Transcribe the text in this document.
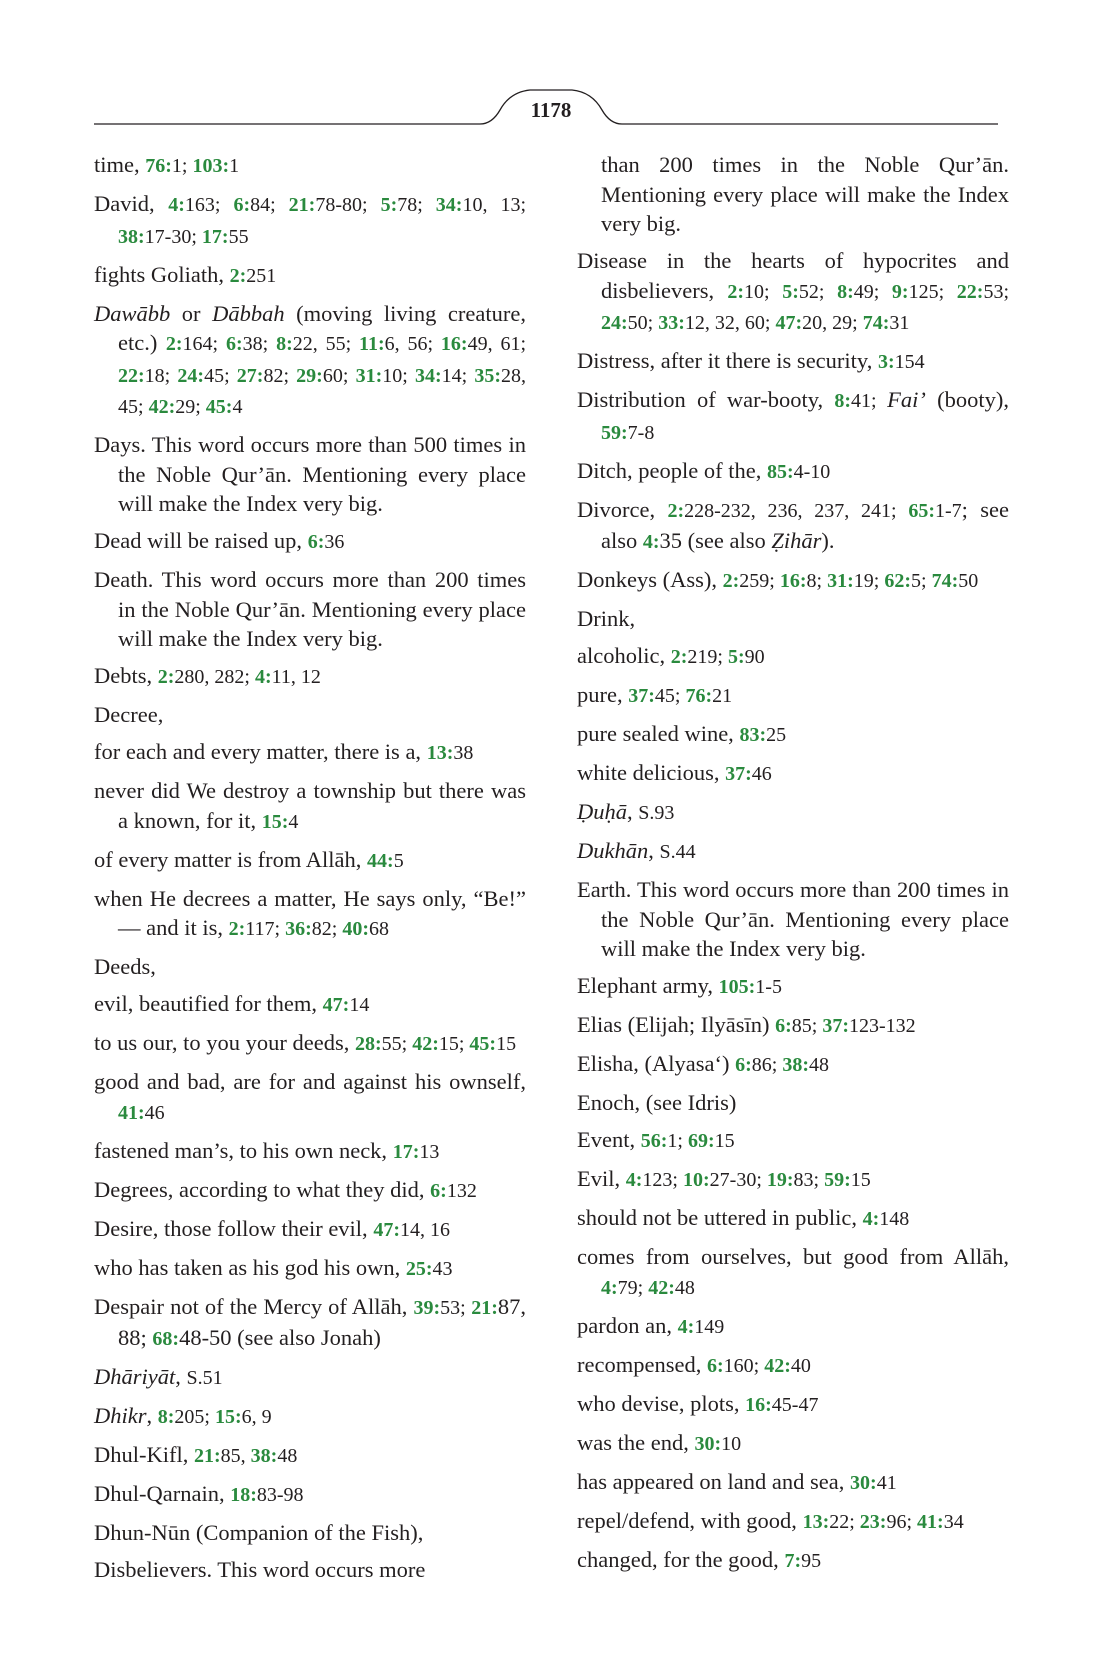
1178

time, 76:1; 103:1

David, 4:163; 6:84; 21:78-80; 5:78; 34:10, 13; 38:17-30; 17:55

fights Goliath, 2:251

Dawābb or Dābbah (moving living creature, etc.) 2:164; 6:38; 8:22, 55; 11:6, 56; 16:49, 61; 22:18; 24:45; 27:82; 29:60; 31:10; 34:14; 35:28, 45; 42:29; 45:4

Days. This word occurs more than 500 times in the Noble Qur’ān. Mentioning every place will make the Index very big.

Dead will be raised up, 6:36

Death. This word occurs more than 200 times in the Noble Qur’ān. Mentioning every place will make the Index very big.

Debts, 2:280, 282; 4:11, 12

Decree,

for each and every matter, there is a, 13:38

never did We destroy a township but there was a known, for it, 15:4

of every matter is from Allāh, 44:5

when He decrees a matter, He says only, “Be!” — and it is, 2:117; 36:82; 40:68

Deeds,

evil, beautified for them, 47:14

to us our, to you your deeds, 28:55; 42:15; 45:15

good and bad, are for and against his ownself, 41:46

fastened man’s, to his own neck, 17:13

Degrees, according to what they did, 6:132

Desire, those follow their evil, 47:14, 16

who has taken as his god his own, 25:43

Despair not of the Mercy of Allāh, 39:53; 21:87, 88; 68:48-50 (see also Jonah)

Dhāriyāt, S.51

Dhikr, 8:205; 15:6, 9

Dhul-Kifl, 21:85, 38:48

Dhul-Qarnain, 18:83-98

Dhun-Nūn (Companion of the Fish),

Disbelievers. This word occurs more

than 200 times in the Noble Qur’ān. Mentioning every place will make the Index very big.

Disease in the hearts of hypocrites and disbelievers, 2:10; 5:52; 8:49; 9:125; 22:53; 24:50; 33:12, 32, 60; 47:20, 29; 74:31

Distress, after it there is security, 3:154

Distribution of war-booty, 8:41; Fai’ (booty), 59:7-8

Ditch, people of the, 85:4-10

Divorce, 2:228-232, 236, 237, 241; 65:1-7; see also 4:35 (see also Ẓihār).

Donkeys (Ass), 2:259; 16:8; 31:19; 62:5; 74:50

Drink,

alcoholic, 2:219; 5:90

pure, 37:45; 76:21

pure sealed wine, 83:25

white delicious, 37:46

Ḍuḥā, S.93

Dukhān, S.44

Earth. This word occurs more than 200 times in the Noble Qur’ān. Mentioning every place will make the Index very big.

Elephant army, 105:1-5

Elias (Elijah; Ilyāsīn) 6:85; 37:123-132

Elisha, (Alyasa‘) 6:86; 38:48

Enoch, (see Idris)

Event, 56:1; 69:15

Evil, 4:123; 10:27-30; 19:83; 59:15

should not be uttered in public, 4:148

comes from ourselves, but good from Allāh, 4:79; 42:48

pardon an, 4:149

recompensed, 6:160; 42:40

who devise, plots, 16:45-47

was the end, 30:10

has appeared on land and sea, 30:41

repel/defend, with good, 13:22; 23:96; 41:34

changed, for the good, 7:95
